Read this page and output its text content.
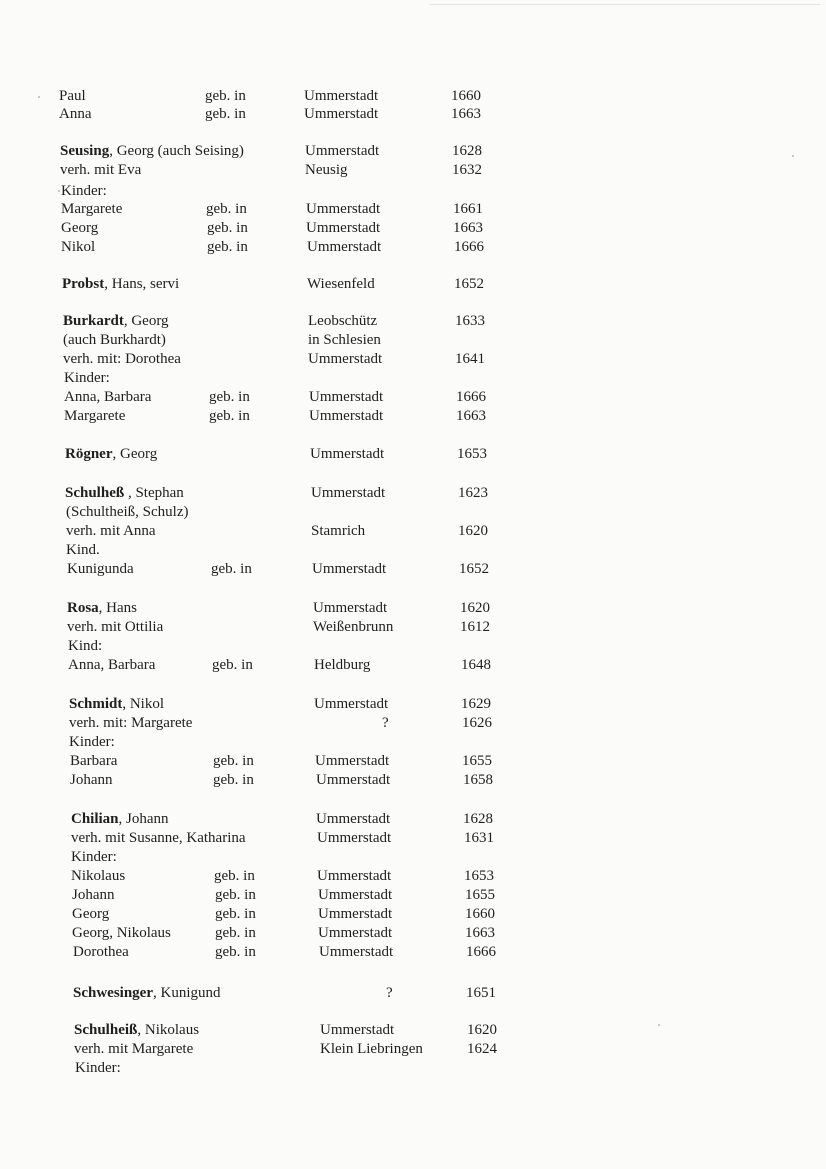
Paul	geb. in	Ummerstadt	1660
Anna	geb. in	Ummerstadt	1663
Seusing, Georg (auch Seising)	Ummerstadt	1628
verh. mit Eva	Neusig	1632
Kinder:
Margarete	geb. in	Ummerstadt	1661
Georg	geb. in	Ummerstadt	1663
Nikol	geb. in	Ummerstadt	1666
Probst, Hans, servi	Wiesenfeld	1652
Burkardt, Georg	Leobschütz	1633
(auch Burkhardt)	in Schlesien
verh. mit: Dorothea	Ummerstadt	1641
Kinder:
Anna, Barbara	geb. in	Ummerstadt	1666
Margarete	geb. in	Ummerstadt	1663
Rögner, Georg	Ummerstadt	1653
Schulheß , Stephan	Ummerstadt	1623
(Schultheiß, Schulz)
verh. mit Anna	Stamrich	1620
Kind.
Kunigunda	geb. in	Ummerstadt	1652
Rosa, Hans	Ummerstadt	1620
verh. mit Ottilia	Weißenbrunn	1612
Kind:
Anna, Barbara	geb. in	Heldburg	1648
Schmidt, Nikol	Ummerstadt	1629
verh. mit: Margarete	?	1626
Kinder:
Barbara	geb. in	Ummerstadt	1655
Johann	geb. in	Ummerstadt	1658
Chilian, Johann	Ummerstadt	1628
verh. mit Susanne, Katharina	Ummerstadt	1631
Kinder:
Nikolaus	geb. in	Ummerstadt	1653
Johann	geb. in	Ummerstadt	1655
Georg	geb. in	Ummerstadt	1660
Georg, Nikolaus	geb. in	Ummerstadt	1663
Dorothea	geb. in	Ummerstadt	1666
Schwesinger, Kunigund	?	1651
Schulheiß, Nikolaus	Ummerstadt	1620
verh. mit Margarete	Klein Liebringen	1624
Kinder:
